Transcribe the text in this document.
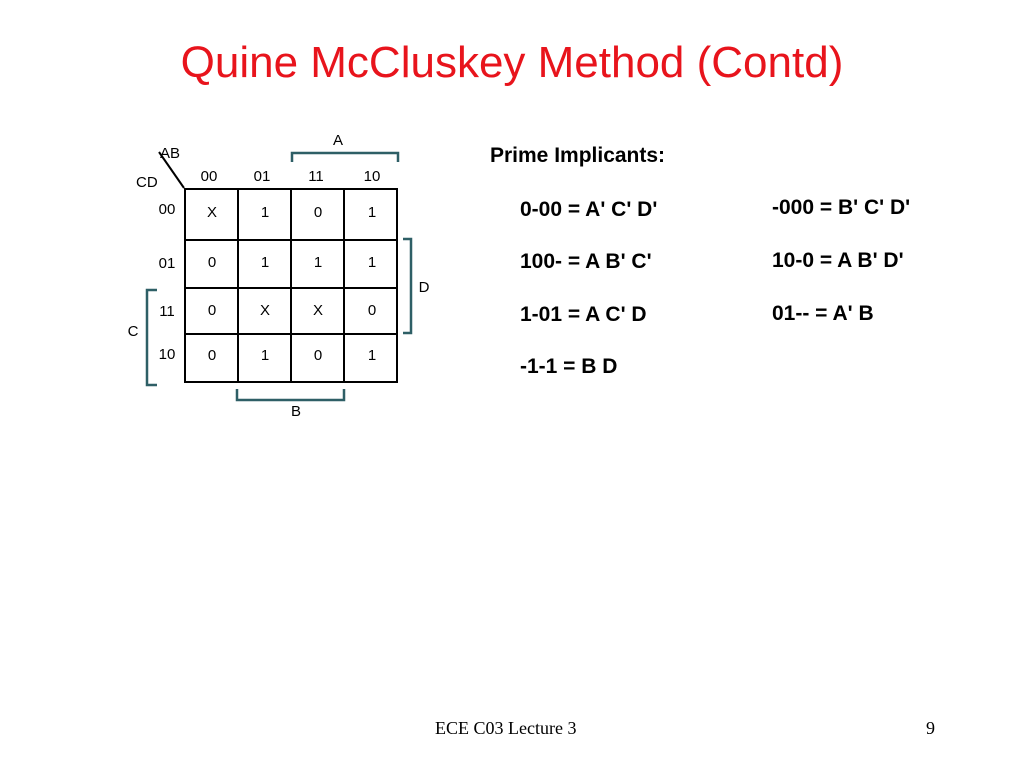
Quine McCluskey Method (Contd)
AB
CD	00 01	11	10
00
01
11
10
X	1	0	1
0	1	1	1
0	X	X	0
0	1	0	1
A
B
C
D
Prime Implicants:
0-00 = A' C' D'
100- = A B' C'
1-01 = A C' D
-1-1 = B D
-000 = B' C' D'
10-0 = A B' D'
01-- = A' B
ECE C03 Lecture 3	9
